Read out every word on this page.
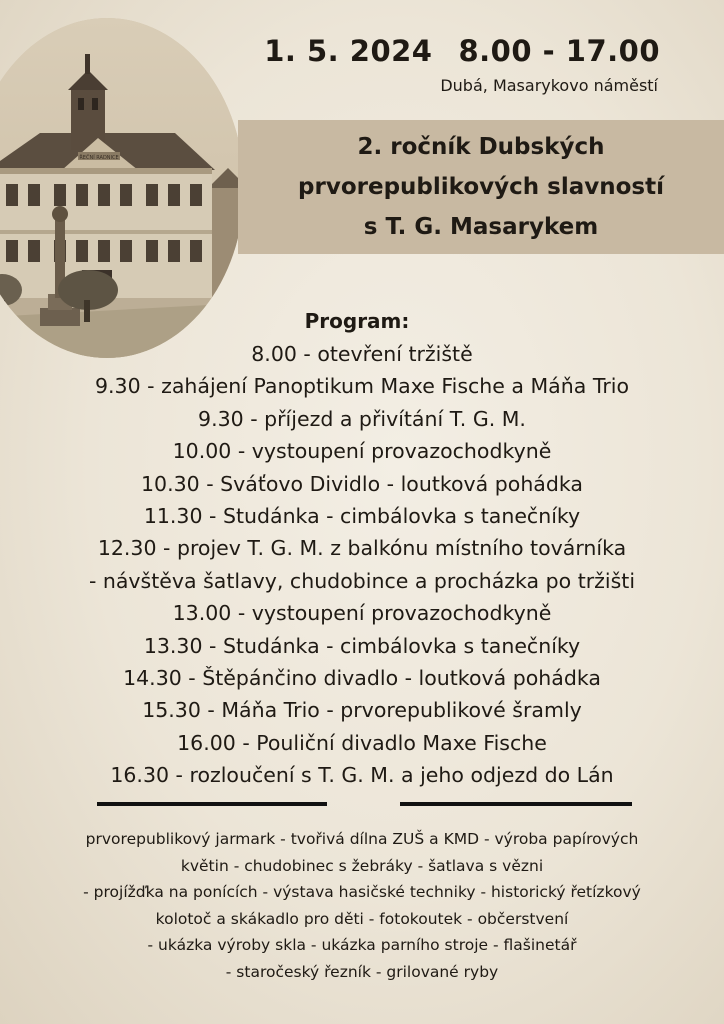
ŘEČNÍ RADNICE
1. 5. 2024 8.00 - 17.00
Dubá, Masarykovo náměstí
2. ročník Dubských
prvorepublikových slavností
s T. G. Masarykem
Program:
8.00 - otevření tržiště
9.30 - zahájení Panoptikum Maxe Fische a Máňa Trio
9.30 - příjezd a přivítání T. G. M.
10.00 - vystoupení provazochodkyně
10.30 - Sváťovo Dividlo - loutková pohádka
11.30 - Studánka - cimbálovka s tanečníky
12.30 - projev T. G. M. z balkónu místního továrníka
- návštěva šatlavy, chudobince a procházka po tržišti
13.00 - vystoupení provazochodkyně
13.30 - Studánka - cimbálovka s tanečníky
14.30 - Štěpánčino divadlo - loutková pohádka
15.30 - Máňa Trio - prvorepublikové šramly
16.00 - Pouliční divadlo Maxe Fische
16.30 - rozloučení s T. G. M. a jeho odjezd do Lán
prvorepublikový jarmark - tvořivá dílna ZUŠ a KMD - výroba papírových
květin - chudobinec s žebráky - šatlava s vězni
- projížďka na ponících - výstava hasičské techniky - historický řetízkový
kolotoč a skákadlo pro děti - fotokoutek - občerstvení
- ukázka výroby skla - ukázka parního stroje - flašinetář
- staročeský řezník - grilované ryby
